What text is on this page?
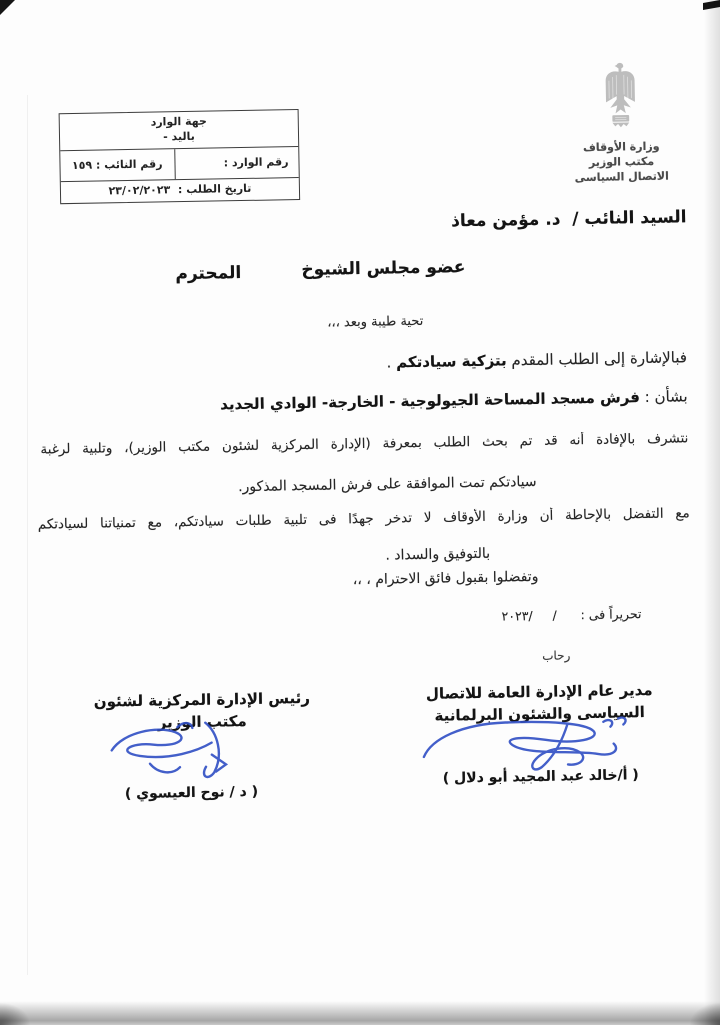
وزارة الأوقاف
مكتب الوزير
الاتصال السياسى
جهة الوارد
باليد -
رقم الوارد :
رقم النائب : ١٥٩
تاريخ الطلب :  ٢٣/٠٢/٢٠٢٣
السيد النائب /  د. مؤمن معاذ
عضو مجلس الشيوخ
المحترم
تحية طيبة وبعد ،،،
فبالإشارة إلى الطلب المقدم بتزكية سيادتكم .
بشأن : فرش مسجد المساحة الجيولوجية - الخارجة- الوادي الجديد
نتشرف بالإفادة أنه قد تم بحث الطلب بمعرفة (الإدارة المركزية لشئون مكتب الوزير)، وتلبية لرغبة
سيادتكم تمت الموافقة على فرش المسجد المذكور.
مع التفضل بالإحاطة أن وزارة الأوقاف لا تدخر جهدًا فى تلبية طلبات سيادتكم، مع تمنياتنا لسيادتكم
بالتوفيق والسداد .
وتفضلوا بقبول فائق الاحترام ، ،،
تحريراً فى :      /     /٢٠٢٣
رحاب
مدير عام الإدارة العامة للاتصال
السياسى والشئون البرلمانية
( أ/خالد عبد المجيد أبو دلال )
رئيس الإدارة المركزية لشئون
مكتب الوزير
( د / نوح العيسوي )
